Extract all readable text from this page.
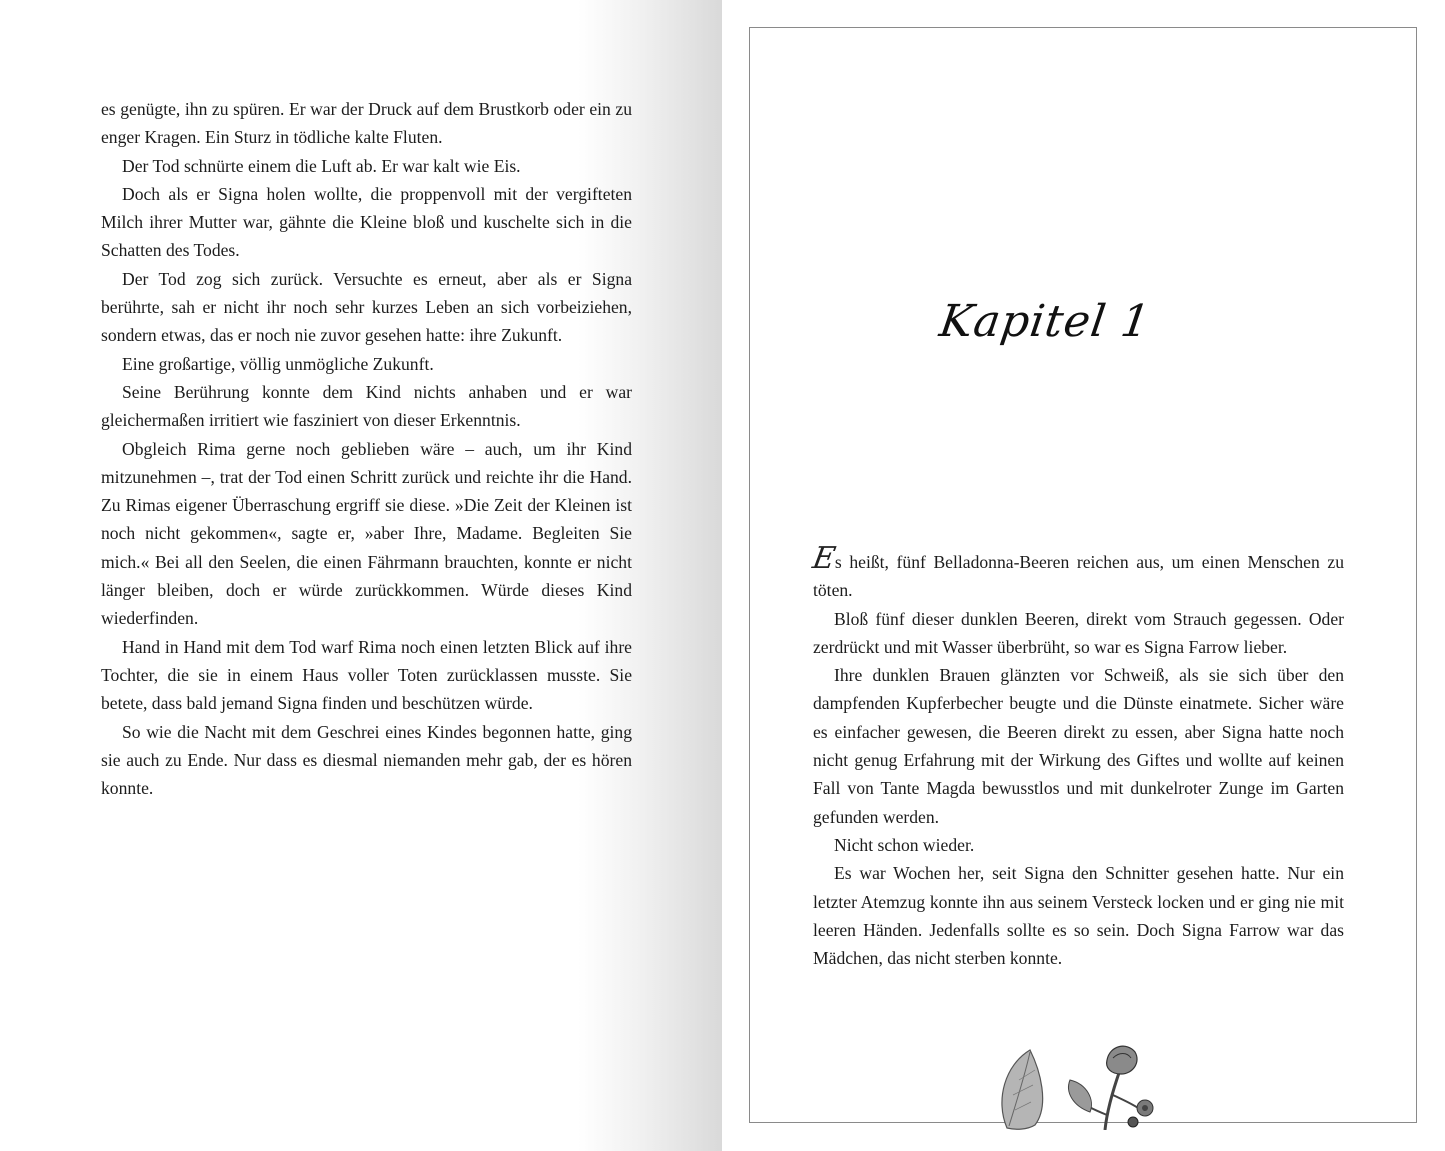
es genügte, ihn zu spüren. Er war der Druck auf dem Brustkorb oder ein zu enger Kragen. Ein Sturz in tödliche kalte Fluten.

Der Tod schnürte einem die Luft ab. Er war kalt wie Eis.

Doch als er Signa holen wollte, die proppenvoll mit der vergifteten Milch ihrer Mutter war, gähnte die Kleine bloß und kuschelte sich in die Schatten des Todes.

Der Tod zog sich zurück. Versuchte es erneut, aber als er Signa berührte, sah er nicht ihr noch sehr kurzes Leben an sich vorbeiziehen, sondern etwas, das er noch nie zuvor gesehen hatte: ihre Zukunft.

Eine großartige, völlig unmögliche Zukunft.

Seine Berührung konnte dem Kind nichts anhaben und er war gleichermaßen irritiert wie fasziniert von dieser Erkenntnis.

Obgleich Rima gerne noch geblieben wäre – auch, um ihr Kind mitzunehmen –, trat der Tod einen Schritt zurück und reichte ihr die Hand. Zu Rimas eigener Überraschung ergriff sie diese. »Die Zeit der Kleinen ist noch nicht gekommen«, sagte er, »aber Ihre, Madame. Begleiten Sie mich.« Bei all den Seelen, die einen Fährmann brauchten, konnte er nicht länger bleiben, doch er würde zurückkommen. Würde dieses Kind wiederfinden.

Hand in Hand mit dem Tod warf Rima noch einen letzten Blick auf ihre Tochter, die sie in einem Haus voller Toten zurücklassen musste. Sie betete, dass bald jemand Signa finden und beschützen würde.

So wie die Nacht mit dem Geschrei eines Kindes begonnen hatte, ging sie auch zu Ende. Nur dass es diesmal niemanden mehr gab, der es hören konnte.

Kapitel 1

Es heißt, fünf Belladonna-Beeren reichen aus, um einen Menschen zu töten.

Bloß fünf dieser dunklen Beeren, direkt vom Strauch gegessen. Oder zerdrückt und mit Wasser überbrüht, so war es Signa Farrow lieber.

Ihre dunklen Brauen glänzten vor Schweiß, als sie sich über den dampfenden Kupferbecher beugte und die Dünste einatmete. Sicher wäre es einfacher gewesen, die Beeren direkt zu essen, aber Signa hatte noch nicht genug Erfahrung mit der Wirkung des Giftes und wollte auf keinen Fall von Tante Magda bewusstlos und mit dunkelroter Zunge im Garten gefunden werden.

Nicht schon wieder.

Es war Wochen her, seit Signa den Schnitter gesehen hatte. Nur ein letzter Atemzug konnte ihn aus seinem Versteck locken und er ging nie mit leeren Händen. Jedenfalls sollte es so sein. Doch Signa Farrow war das Mädchen, das nicht sterben konnte.
